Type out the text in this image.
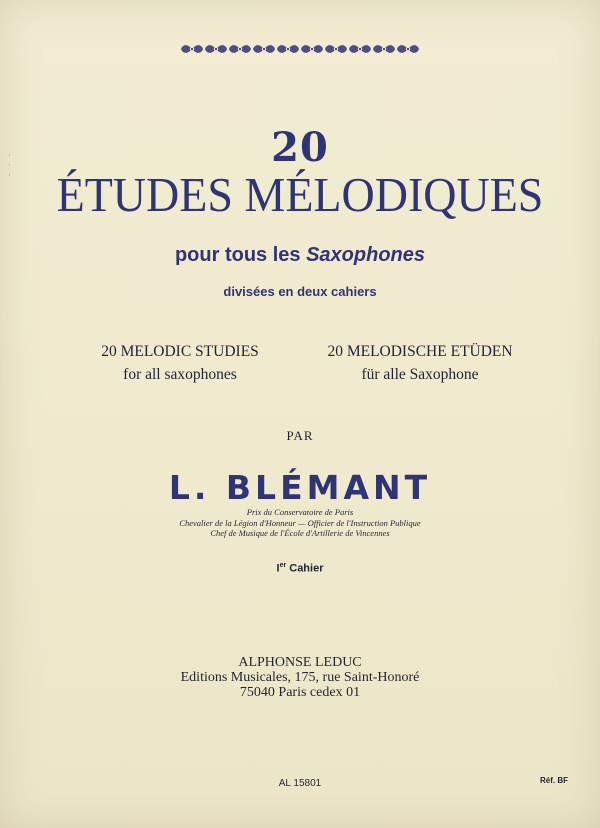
·
·
·
20
ÉTUDES MÉLODIQUES
pour tous les Saxophones
divisées en deux cahiers
20 MELODIC STUDIES
for all saxophones
20 MELODISCHE ETÜDEN
für alle Saxophone
PAR
L. BLÉMANT
Prix du Conservatoire de Paris
Chevalier de la Légion d'Honneur — Officier de l'Instruction Publique
Chef de Musique de l'École d'Artillerie de Vincennes
Ier Cahier
ALPHONSE LEDUC
Editions Musicales, 175, rue Saint-Honoré
75040 Paris cedex 01
AL 15801	Réf. BF
